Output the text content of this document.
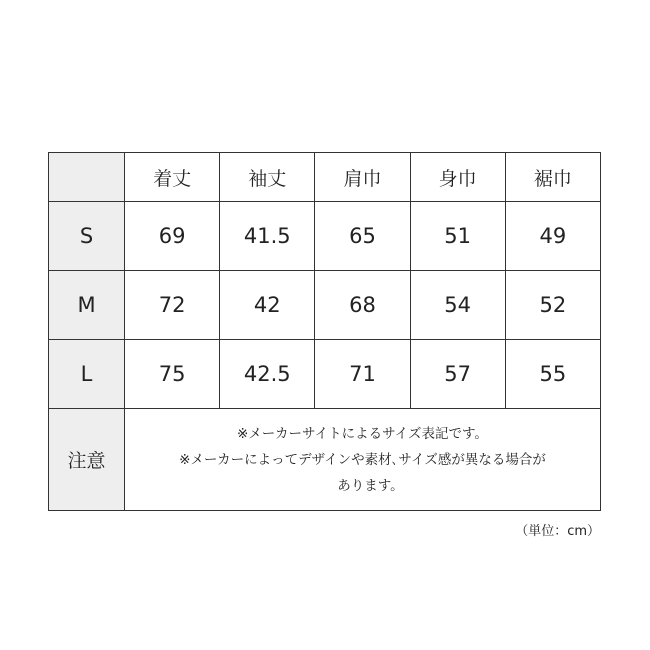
	着丈	袖丈	肩巾	身巾	裾巾
S	69	41.5	65	51	49
M	72	42	68	54	52
L	75	42.5	71	57	55
注意	※メーカーサイトによるサイズ表記です。
※メーカーによってデザインや素材､サイズ感が異なる場合が
あります。				
（単位：cm）
